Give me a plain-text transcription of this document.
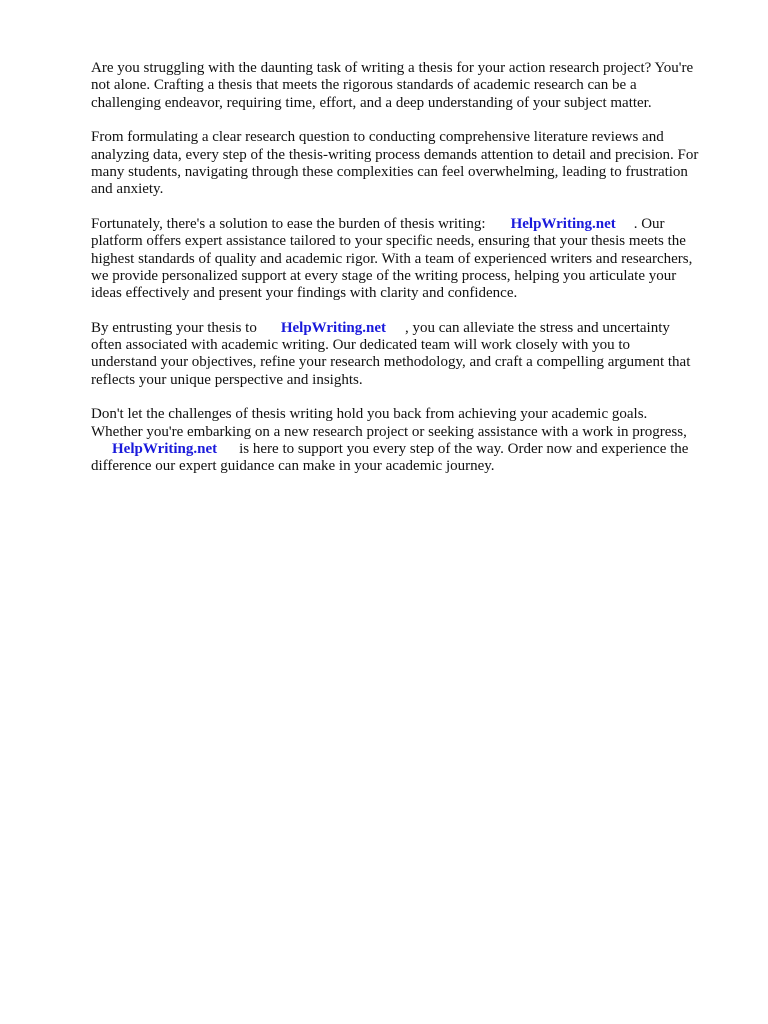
Are you struggling with the daunting task of writing a thesis for your action research project? You're
not alone. Crafting a thesis that meets the rigorous standards of academic research can be a
challenging endeavor, requiring time, effort, and a deep understanding of your subject matter.

From formulating a clear research question to conducting comprehensive literature reviews and
analyzing data, every step of the thesis-writing process demands attention to detail and precision. For
many students, navigating through these complexities can feel overwhelming, leading to frustration
and anxiety.

Fortunately, there's a solution to ease the burden of thesis writing: HelpWriting.net . Our
platform offers expert assistance tailored to your specific needs, ensuring that your thesis meets the
highest standards of quality and academic rigor. With a team of experienced writers and researchers,
we provide personalized support at every stage of the writing process, helping you articulate your
ideas effectively and present your findings with clarity and confidence.

By entrusting your thesis to HelpWriting.net , you can alleviate the stress and uncertainty
often associated with academic writing. Our dedicated team will work closely with you to
understand your objectives, refine your research methodology, and craft a compelling argument that
reflects your unique perspective and insights.

Don't let the challenges of thesis writing hold you back from achieving your academic goals.
Whether you're embarking on a new research project or seeking assistance with a work in progress,
HelpWriting.net is here to support you every step of the way. Order now and experience the
difference our expert guidance can make in your academic journey.
